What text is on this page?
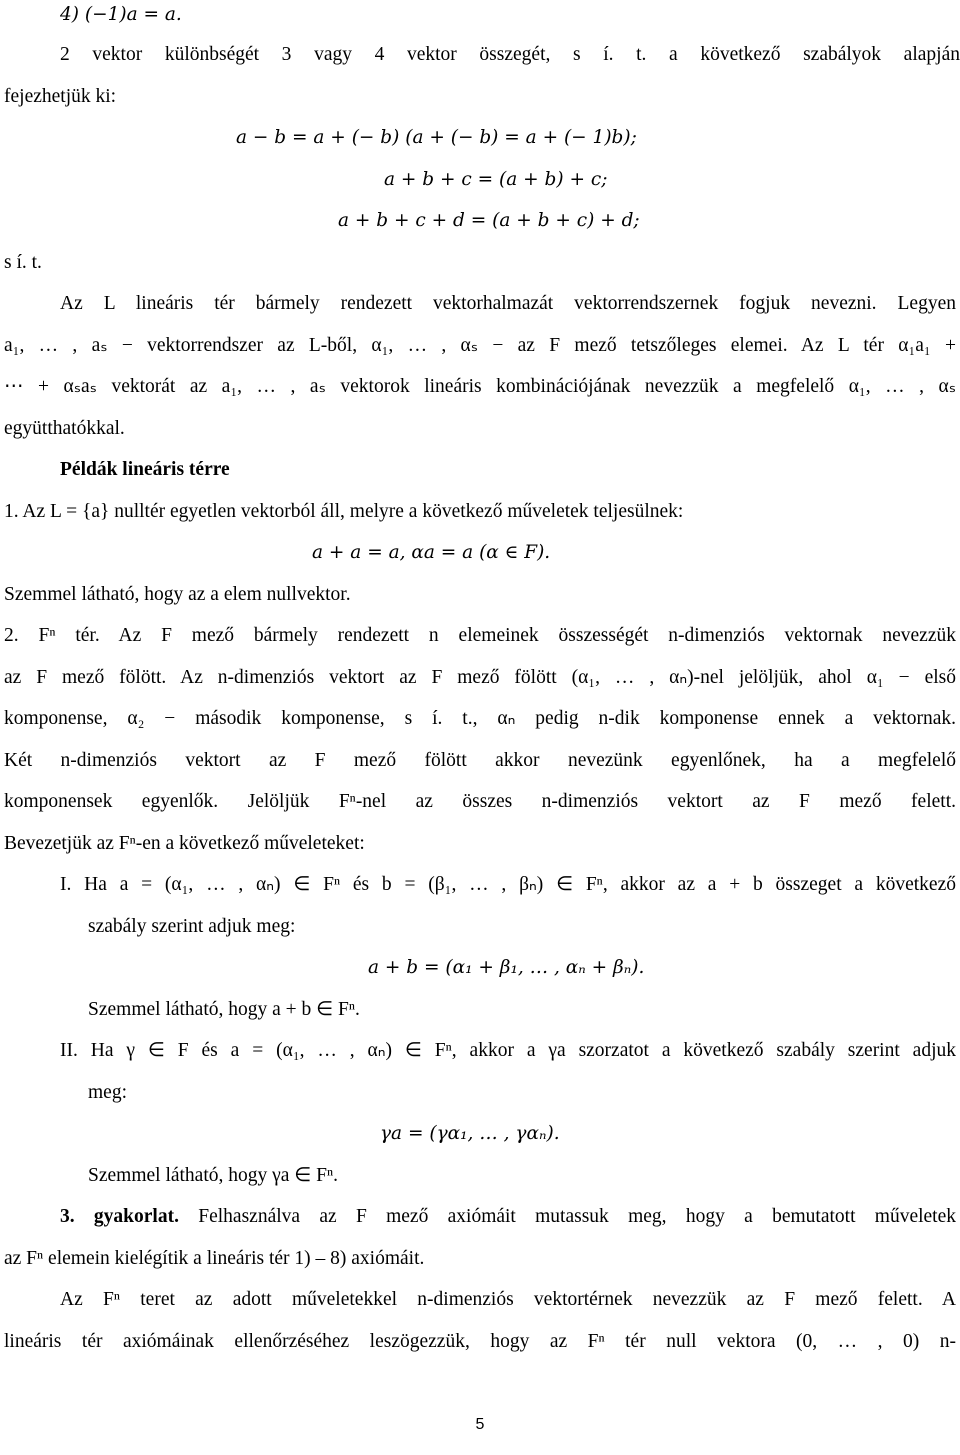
4) (−1)a = a.
2 vektor különbségét 3 vagy 4 vektor összegét, s í. t. a következő szabályok alapján
fejezhetjük ki:
a − b = a + (− b) (a + (− b) = a + (− 1)b);
a + b + c = (a + b) + c;
a + b + c + d = (a + b + c) + d;
s í. t.
Az L lineáris tér bármely rendezett vektorhalmazát vektorrendszernek fogjuk nevezni. Legyen
a₁, … , aₛ − vektorrendszer az L-ből, α₁, … , αₛ − az F mező tetszőleges elemei. Az L tér α₁a₁ +
⋯ + αₛaₛ vektorát az a₁, … , aₛ vektorok lineáris kombinációjának nevezzük a megfelelő α₁, … , αₛ
együtthatókkal.
Példák lineáris térre
1. Az L = {a} nulltér egyetlen vektorból áll, melyre a következő műveletek teljesülnek:
a + a = a, αa = a (α ∈ F).
Szemmel látható, hogy az a elem nullvektor.
2. Fⁿ tér. Az F mező bármely rendezett n elemeinek összességét n-dimenziós vektornak nevezzük
az F mező fölött. Az n-dimenziós vektort az F mező fölött (α₁, … , αₙ)-nel jelöljük, ahol α₁ − első
komponense, α₂ − második komponense, s í. t., αₙ pedig n-dik komponense ennek a vektornak.
Két n-dimenziós vektort az F mező fölött akkor nevezünk egyenlőnek, ha a megfelelő
komponensek egyenlők. Jelöljük Fⁿ-nel az összes n-dimenziós vektort az F mező felett.
Bevezetjük az Fⁿ-en a következő műveleteket:
I. Ha a = (α₁, … , αₙ) ∈ Fⁿ és b = (β₁, … , βₙ) ∈ Fⁿ, akkor az a + b összeget a következő
szabály szerint adjuk meg:
a + b = (α₁ + β₁, … , αₙ + βₙ).
Szemmel látható, hogy a + b ∈ Fⁿ.
II. Ha γ ∈ F és a = (α₁, … , αₙ) ∈ Fⁿ, akkor a γa szorzatot a következő szabály szerint adjuk
meg:
γa = (γα₁, … , γαₙ).
Szemmel látható, hogy γa ∈ Fⁿ.
3. gyakorlat. Felhasználva az F mező axiómáit mutassuk meg, hogy a bemutatott műveletek
az Fⁿ elemein kielégítik a lineáris tér 1) – 8) axiómáit.
Az Fⁿ teret az adott műveletekkel n-dimenziós vektortérnek nevezzük az F mező felett. A
lineáris tér axiómáinak ellenőrzéséhez leszögezzük, hogy az Fⁿ tér null vektora (0, … , 0) n-
5
